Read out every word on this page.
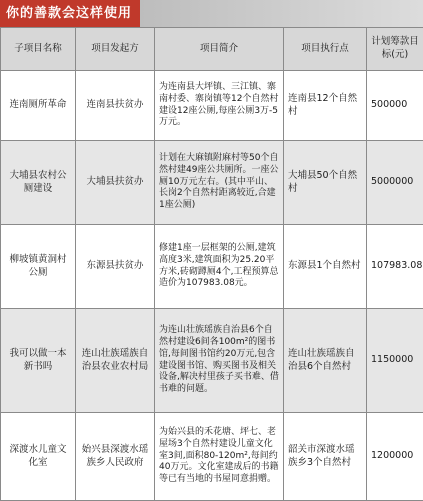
你的善款会这样使用
子项目名称	项目发起方	项目简介	项目执行点	计划筹款目标(元)
连南厕所革命	连南县扶贫办	为连南县大坪镇、三江镇、寨南村委、寨岗镇等12个自然村建设12座公厕,每座公厕3万-5万元。	连南县12个自然村	500000
大埔县农村公厕建设	大埔县扶贫办	计划在大麻镇附麻村等50个自然村建49座公共厕所。一座公厕10万元左右。(其中平山、长岗2个自然村距离较近,合建1座公厕)	大埔县50个自然村	5000000
柳坡镇黄洞村公厕	东源县扶贫办	修建1座一层框架的公厕,建筑高度3米,建筑面积为25.20平方米,砖砌蹲厕4个,工程预算总造价为107983.08元。	东源县1个自然村	107983.08
我可以做一本新书吗	连山壮族瑶族自治县农业农村局	为连山壮族瑶族自治县6个自然村建设6间各100m²的图书馆,每间图书馆约20万元,包含建设图书馆、购买图书及相关设备,解决村里孩子买书难、借书难的问题。	连山壮族瑶族自治县6个自然村	1150000
深渡水儿童文化室	始兴县深渡水瑶族乡人民政府	为始兴县的禾花塘、坪七、老屋场3个自然村建设儿童文化室3间,面积80-120m²,每间约40万元。文化室建成后的书籍等已有当地的书屋同意捐赠。	韶关市深渡水瑶族乡3个自然村	1200000
